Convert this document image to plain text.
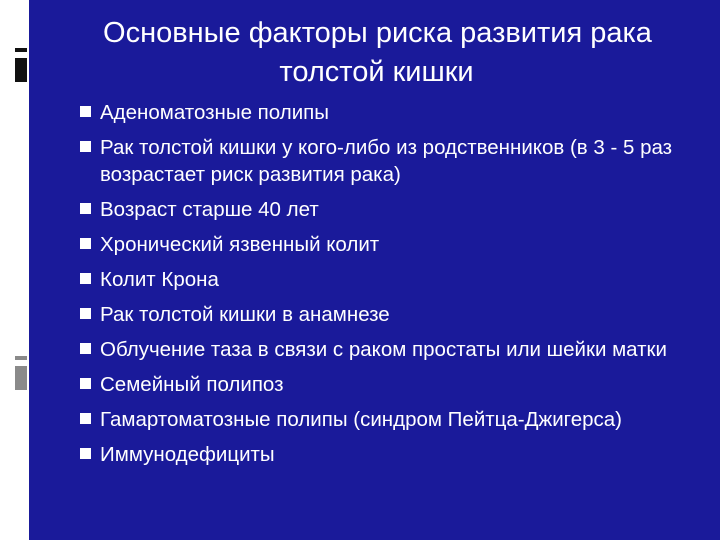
Основные факторы риска развития рака
толстой кишки
Аденоматозные полипы
Рак толстой кишки у кого-либо из родственников (в 3 - 5 раз возрастает риск развития рака)
Возраст старше 40 лет
Хронический язвенный колит
Колит Крона
Рак толстой кишки в анамнезе
Облучение таза в связи с раком простаты или шейки матки
Семейный полипоз
Гамартоматозные полипы (синдром Пейтца-Джигерса)
Иммунодефициты
